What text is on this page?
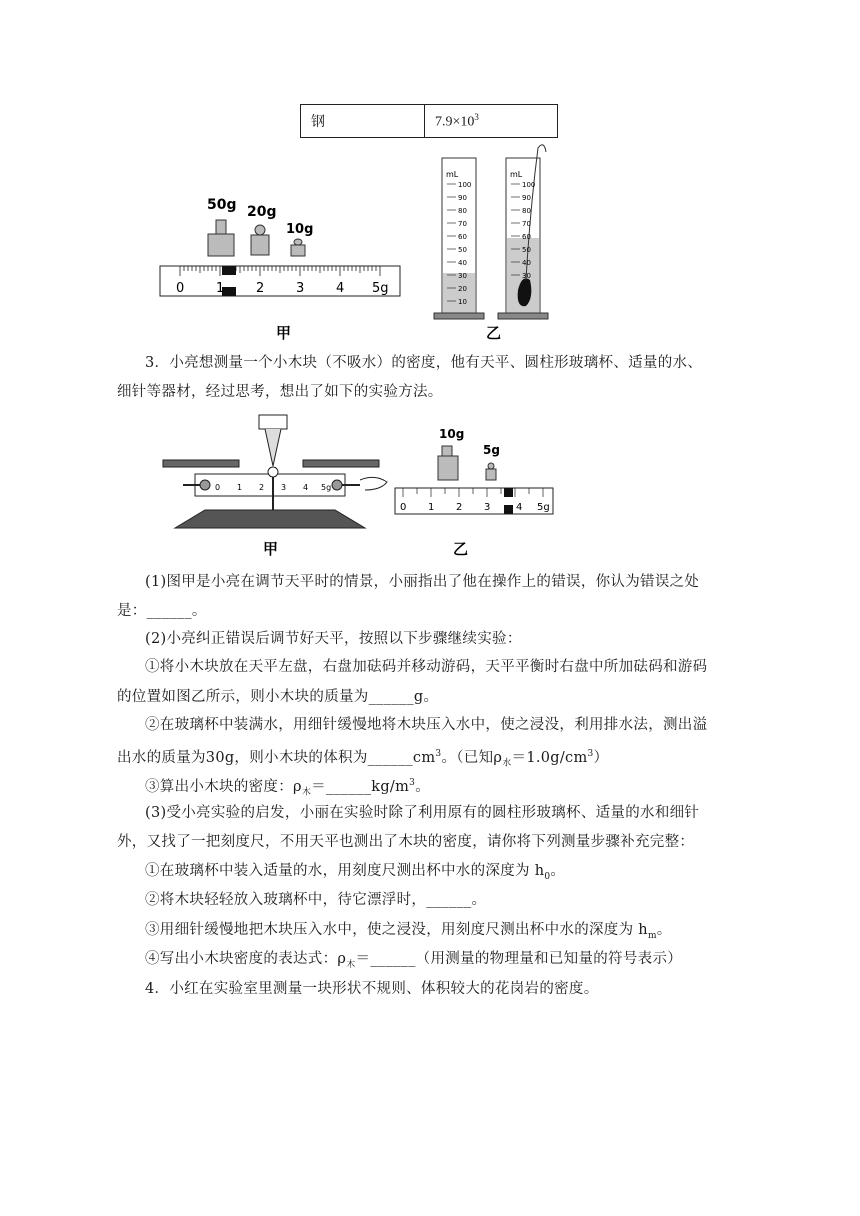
钢	$7.9\times 10^3$
50g 20g
10g
0 1 2 3 4 5g
甲
mL
100
90
80
70
60
50
40
30
20
10
mL
100
90
80
70
60
50
40
30
乙
3．小亮想测量一个小木块（不吸水）的密度，他有天平、圆柱形玻璃杯、适量的水、
细针等器材，经过思考，想出了如下的实验方法。
0 1 2 3 4 5g
10g
5g
0 1 2 3	4 5g
甲	乙
(1)图甲是小亮在调节天平时的情景，小丽指出了他在操作上的错误，你认为错误之处
是：______。
(2)小亮纠正错误后调节好天平，按照以下步骤继续实验：
①将小木块放在天平左盘，右盘加砝码并移动游码，天平平衡时右盘中所加砝码和游码
的位置如图乙所示，则小木块的质量为______g。
②在玻璃杯中装满水，用细针缓慢地将木块压入水中，使之浸没，利用排水法，测出溢
出水的质量为30g，则小木块的体积为$\_\_\_\_\_\_cm^3$。（已知$\rho_水=1.0g/cm^3$）
③算出小木块的密度：$\rho_木=\_\_\_\_\_\_kg/m^3$。
(3)受小亮实验的启发，小丽在实验时除了利用原有的圆柱形玻璃杯、适量的水和细针
外，又找了一把刻度尺，不用天平也测出了木块的密度，请你将下列测量步骤补充完整：
①在玻璃杯中装入适量的水，用刻度尺测出杯中水的深度为 $h_0$。
②将木块轻轻放入玻璃杯中，待它漂浮时，______。
③用细针缓慢地把木块压入水中，使之浸没，用刻度尺测出杯中水的深度为 $h_m$。
④写出小木块密度的表达式：$\rho_木=\_\_\_\_\_\_$（用测量的物理量和已知量的符号表示）
4．小红在实验室里测量一块形状不规则、体积较大的花岗岩的密度。
